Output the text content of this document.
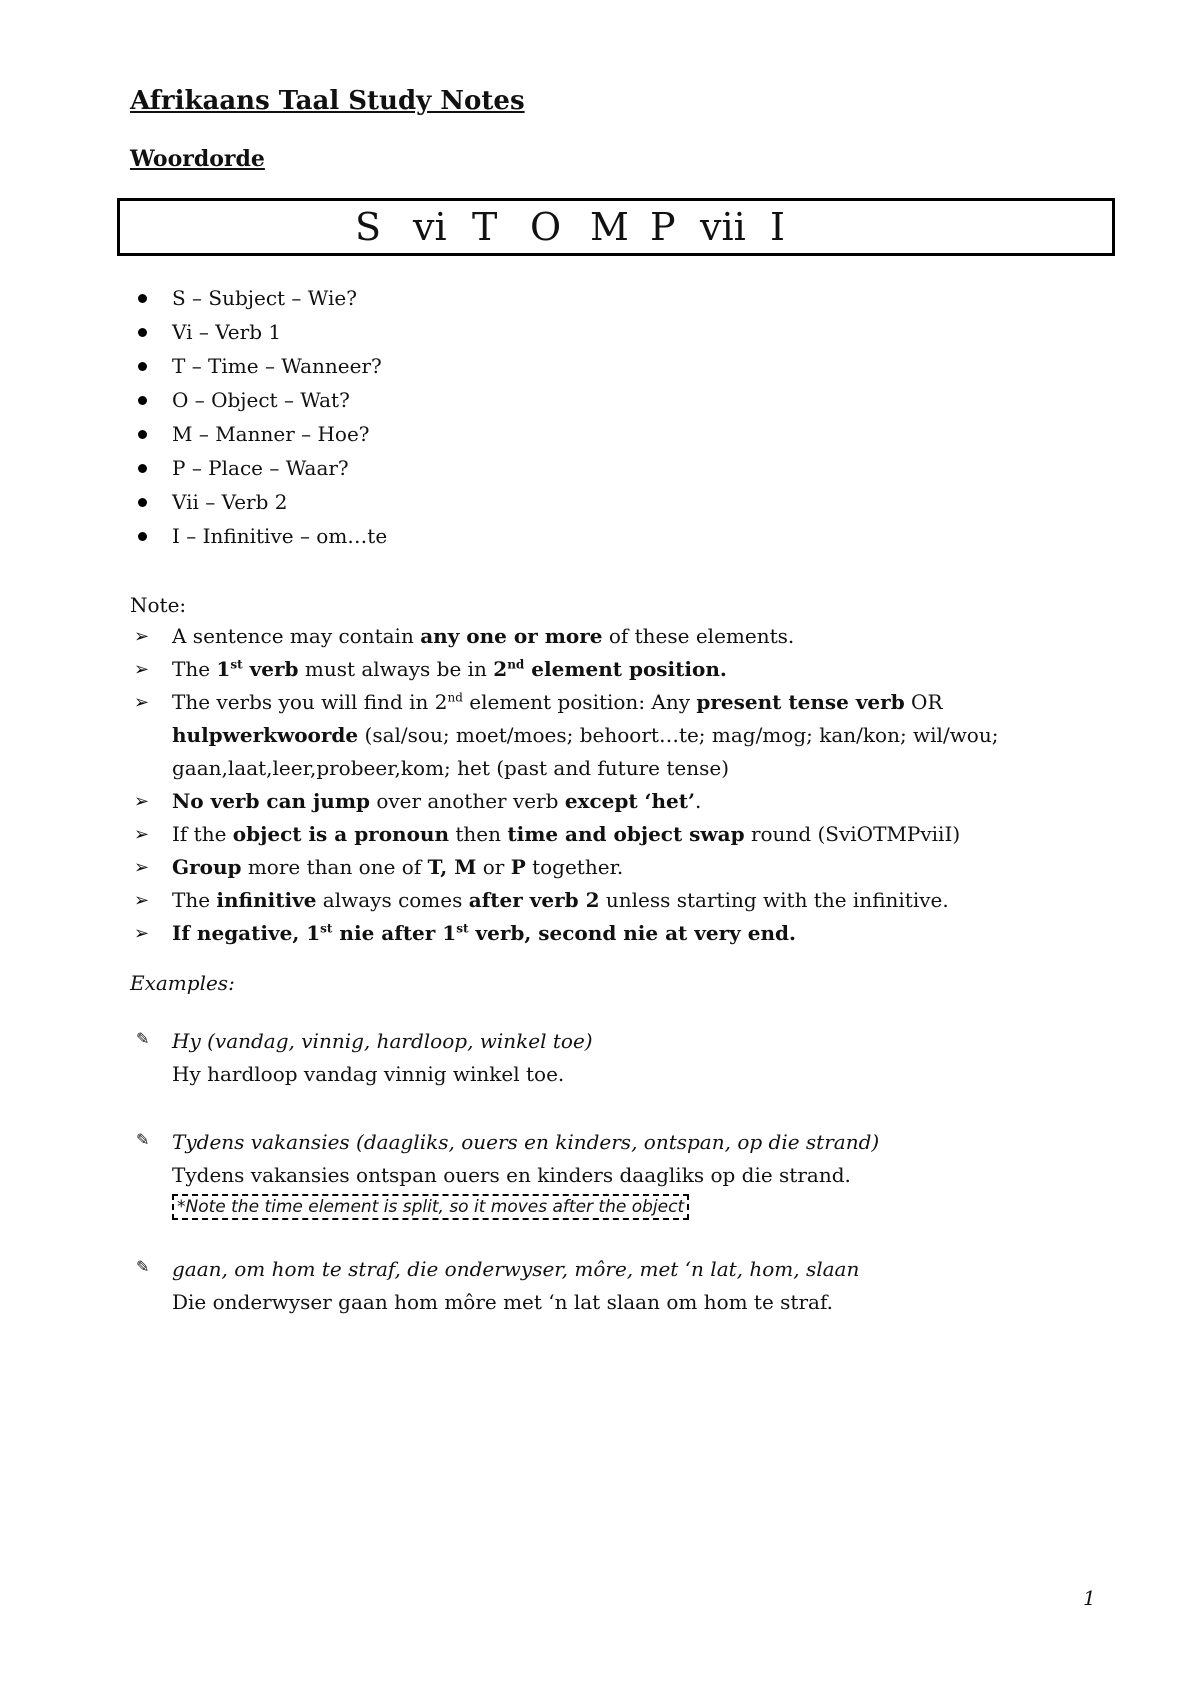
Afrikaans Taal Study Notes
Woordorde
S vi T O M P vii I
S – Subject – Wie?
Vi – Verb 1
T – Time – Wanneer?
O – Object – Wat?
M – Manner – Hoe?
P – Place – Waar?
Vii – Verb 2
I – Infinitive – om…te
Note:
➢ A sentence may contain any one or more of these elements.
➢ The 1st verb must always be in 2nd element position.
➢ The verbs you will find in 2nd element position: Any present tense verb OR
hulpwerkwoorde (sal/sou; moet/moes; behoort…te; mag/mog; kan/kon; wil/wou;
gaan,laat,leer,probeer,kom; het (past and future tense)
➢ No verb can jump over another verb except ‘het’.
➢ If the object is a pronoun then time and object swap round (SviOTMPviiI)
➢ Group more than one of T, M or P together.
➢ The infinitive always comes after verb 2 unless starting with the infinitive.
➢ If negative, 1st nie after 1st verb, second nie at very end.
Examples:
✎	Hy (vandag, vinnig, hardloop, winkel toe)
Hy hardloop vandag vinnig winkel toe.
✎	Tydens vakansies (daagliks, ouers en kinders, ontspan, op die strand)
Tydens vakansies ontspan ouers en kinders daagliks op die strand.
*Note the time element is split, so it moves after the object
✎	gaan, om hom te straf, die onderwyser, môre, met ‘n lat, hom, slaan
Die onderwyser gaan hom môre met ‘n lat slaan om hom te straf.
1
